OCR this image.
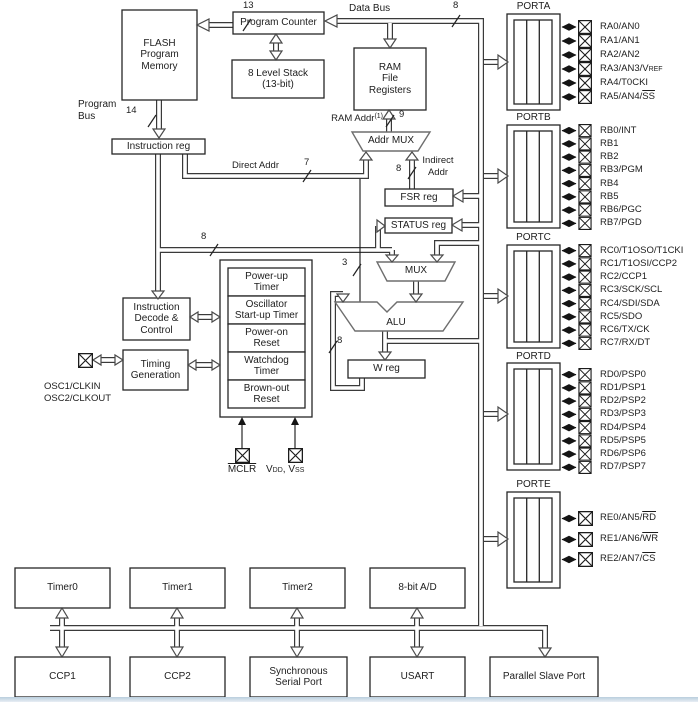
FLASH
Program
Memory
Program Counter
8 Level Stack
(13-bit)
RAM
File
Registers
Instruction reg	Addr MUX
FSR reg
STATUS reg
MUX
ALU
W reg
Instruction
Decode &
Control
Timing
Generation
Power-up
Timer
Oscillator
Start-up Timer
Power-on
Reset
Watchdog
Timer
Brown-out
Reset
Timer0	Timer1	Timer2	8-bit A/D
CCP1	CCP2
Synchronous
Serial Port
USART	Parallel Slave Port
Data Bus
Program
Bus	RAM Addr$^{(1)}$
Direct Addr	Indirect
Addr
OSC1/CLKIN
OSC2/CLKOUT
MCLR VDD, VSS
13	8
14	9
7
8
8
3
8
PORTA
PORTB
PORTC
PORTD
PORTE
RA0/AN0
RA1/AN1
RA2/AN2
RA3/AN3/VREF
RA4/T0CKI
$RA5/AN4/\overline{SS}$
RB0/INT
RB1
RB2
RB3/PGM
RB4
RB5
RB6/PGC
RB7/PGD
RC0/T1OSO/T1CKI
RC1/T1OSI/CCP2
RC2/CCP1
RC3/SCK/SCL
RC4/SDI/SDA
RC5/SDO
RC6/TX/CK
RC7/RX/DT
RD0/PSP0
RD1/PSP1
RD2/PSP2
RD3/PSP3
RD4/PSP4
RD5/PSP5
RD6/PSP6
RD7/PSP7
$RE0/AN5/\overline{RD}$
$RE1/AN6/\overline{WR}$
$RE2/AN7/\overline{CS}$
